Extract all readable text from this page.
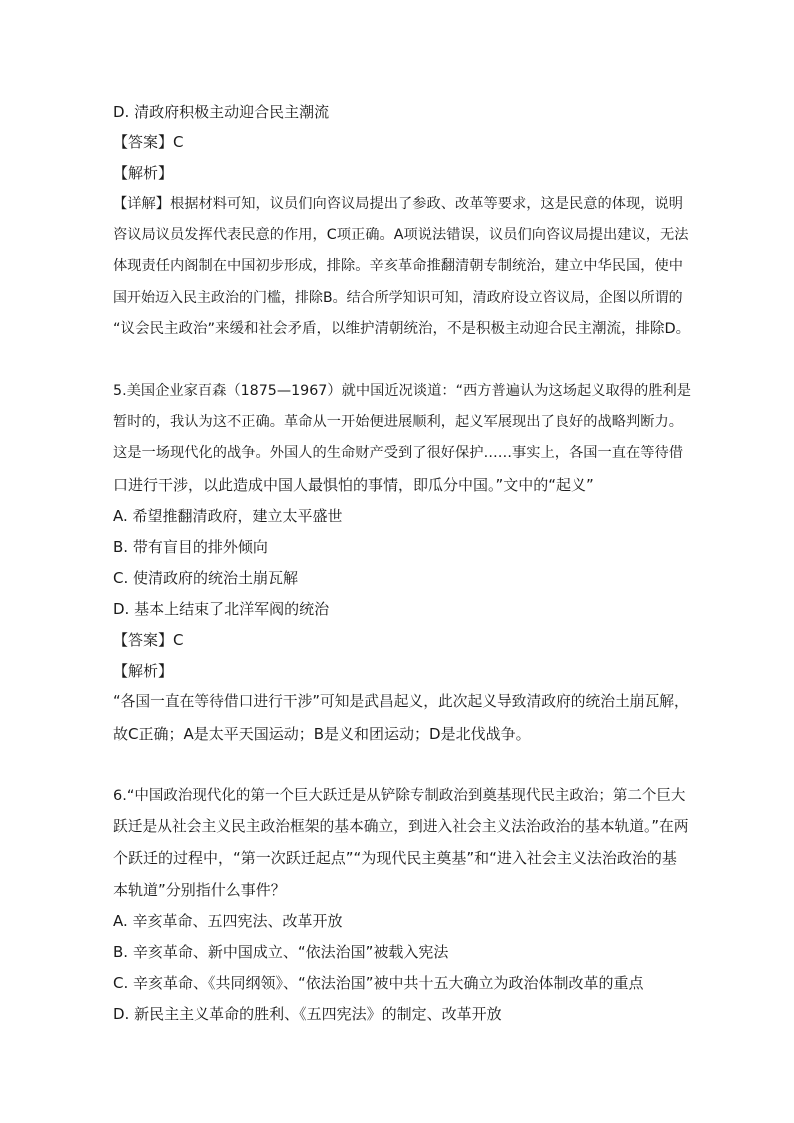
D. 清政府积极主动迎合民主潮流
【答案】C
【解析】
【详解】根据材料可知，议员们向咨议局提出了参政、改革等要求，这是民意的体现，说明
咨议局议员发挥代表民意的作用，C项正确。A项说法错误，议员们向咨议局提出建议，无法
体现责任内阁制在中国初步形成，排除。辛亥革命推翻清朝专制统治，建立中华民国，使中
国开始迈入民主政治的门槛，排除B。结合所学知识可知，清政府设立咨议局，企图以所谓的
“议会民主政治”来缓和社会矛盾，以维护清朝统治，不是积极主动迎合民主潮流，排除D。
5.美国企业家百森（1875—1967）就中国近况谈道：“西方普遍认为这场起义取得的胜利是
暂时的，我认为这不正确。革命从一开始便进展顺利，起义军展现出了良好的战略判断力。
这是一场现代化的战争。外国人的生命财产受到了很好保护……事实上，各国一直在等待借
口进行干涉，以此造成中国人最惧怕的事情，即瓜分中国。”文中的“起义”
A. 希望推翻清政府，建立太平盛世
B. 带有盲目的排外倾向
C. 使清政府的统治土崩瓦解
D. 基本上结束了北洋军阀的统治
【答案】C
【解析】
“各国一直在等待借口进行干涉”可知是武昌起义，此次起义导致清政府的统治土崩瓦解，
故C正确；A是太平天国运动；B是义和团运动；D是北伐战争。
6.“中国政治现代化的第一个巨大跃迁是从铲除专制政治到奠基现代民主政治；第二个巨大
跃迁是从社会主义民主政治框架的基本确立，到进入社会主义法治政治的基本轨道。”在两
个跃迁的过程中，“第一次跃迁起点”“为现代民主奠基”和“进入社会主义法治政治的基
本轨道”分别指什么事件？
A. 辛亥革命、五四宪法、改革开放
B. 辛亥革命、新中国成立、“依法治国”被载入宪法
C. 辛亥革命、《共同纲领》、“依法治国”被中共十五大确立为政治体制改革的重点
D. 新民主主义革命的胜利、《五四宪法》的制定、改革开放
